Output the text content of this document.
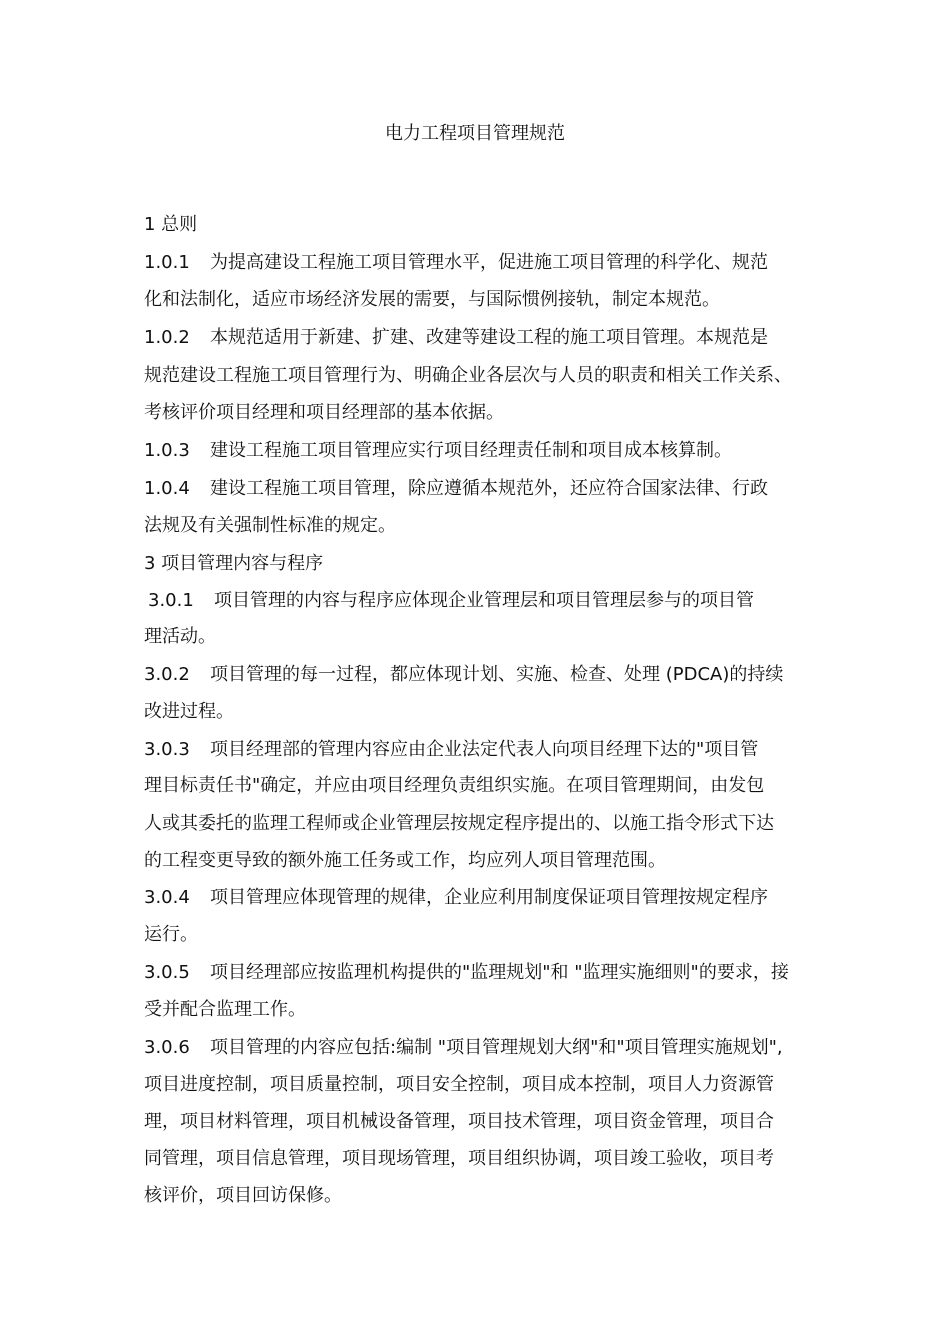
电力工程项目管理规范
1 总则
1.0.1 为提高建设工程施工项目管理水平，促进施工项目管理的科学化、规范
化和法制化，适应市场经济发展的需要，与国际惯例接轨，制定本规范。
1.0.2 本规范适用于新建、扩建、改建等建设工程的施工项目管理。本规范是
规范建设工程施工项目管理行为、明确企业各层次与人员的职责和相关工作关系、
考核评价项目经理和项目经理部的基本依据。
1.0.3 建设工程施工项目管理应实行项目经理责任制和项目成本核算制。
1.0.4 建设工程施工项目管理，除应遵循本规范外，还应符合国家法律、行政
法规及有关强制性标准的规定。
3 项目管理内容与程序
3.0.1 项目管理的内容与程序应体现企业管理层和项目管理层参与的项目管
理活动。
3.0.2 项目管理的每一过程，都应体现计划、实施、检查、处理 (PDCA)的持续
改进过程。
3.0.3 项目经理部的管理内容应由企业法定代表人向项目经理下达的"项目管
理目标责任书"确定，并应由项目经理负责组织实施。在项目管理期间，由发包
人或其委托的监理工程师或企业管理层按规定程序提出的、以施工指令形式下达
的工程变更导致的额外施工任务或工作，均应列人项目管理范围。
3.0.4 项目管理应体现管理的规律，企业应利用制度保证项目管理按规定程序
运行。
3.0.5 项目经理部应按监理机构提供的"监理规划"和 "监理实施细则"的要求，接
受并配合监理工作。
3.0.6 项目管理的内容应包括:编制 "项目管理规划大纲"和"项目管理实施规划",
项目进度控制，项目质量控制，项目安全控制，项目成本控制，项目人力资源管
理，项目材料管理，项目机械设备管理，项目技术管理，项目资金管理，项目合
同管理，项目信息管理，项目现场管理，项目组织协调，项目竣工验收，项目考
核评价，项目回访保修。
